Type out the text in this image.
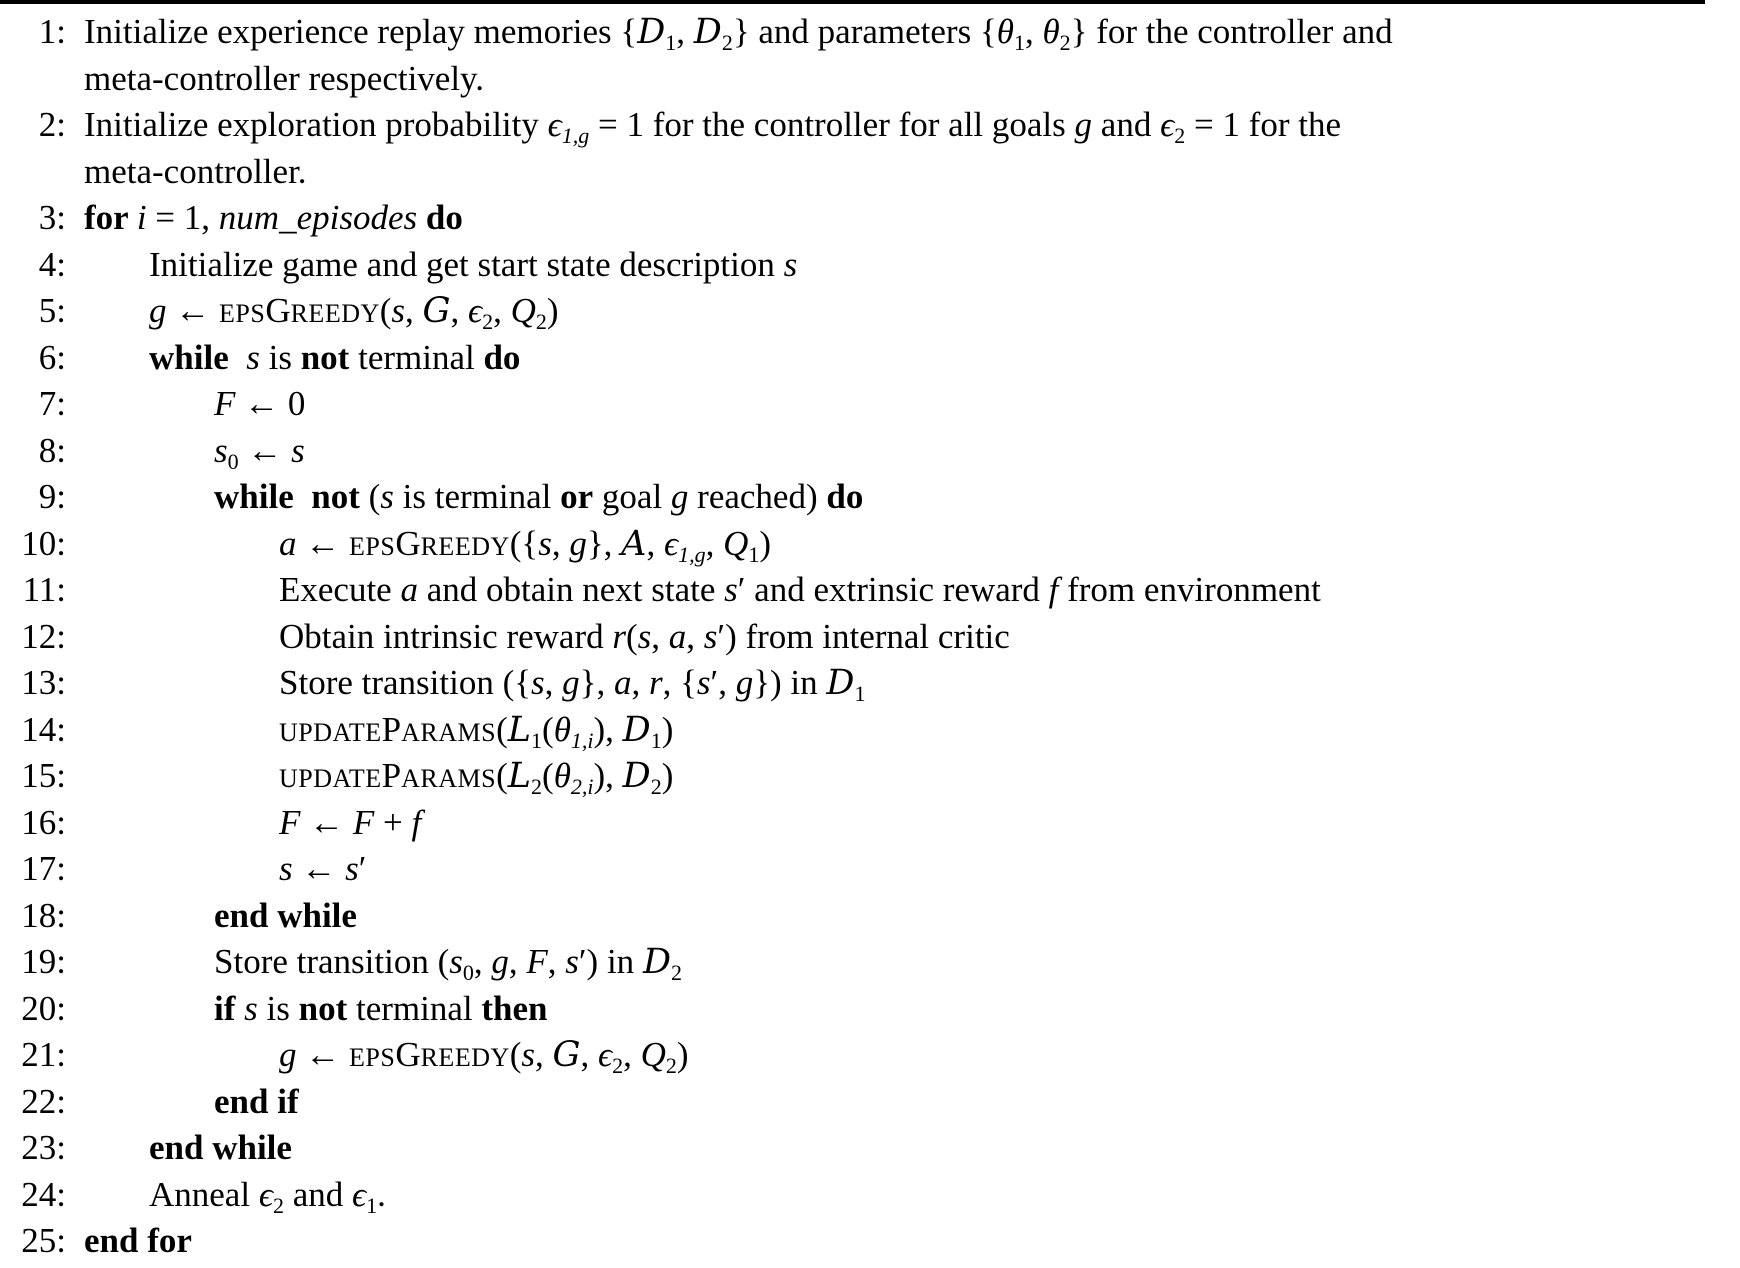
1: Initialize experience replay memories {$D_1$, $D_2$} and parameters {$\theta_1$, $\theta_2$} for the controller and
meta-controller respectively.
2: Initialize exploration probability $\epsilon_{1,g} = 1$ for the controller for all goals g and $\epsilon_2 = 1$ for the
meta-controller.
3: for i = 1, num_episodes do
4: Initialize game and get start state description s
5: g ← EPSGREEDY(s, G, $\epsilon_2$, $Q_2$)
6: while  s is not terminal do
7:	F ← 0
8:	$s_0$ ← s
9:	while  not (s is terminal or goal g reached) do
10:	a ← EPSGREEDY({s, g}, A, $\epsilon_{1,g}$, $Q_1$)
11:	Execute a and obtain next state s′ and extrinsic reward f from environment
12:	Obtain intrinsic reward r(s, a, s′) from internal critic
13:	Store transition ({s, g}, a, r, {s′, g}) in $D_1$
14:	$UPDATEPARAMS(L_1(\theta_{1,i})$, $D_1$)
15:	$UPDATEPARAMS(L_2(\theta_{2,i})$, $D_2$)
16:	F ← F + f
17:	s ← s′
18:	end while
19:	Store transition ($s_0$, g, F, s′) in $D_2$
20:	if s is not terminal then
21:	g ← EPSGREEDY(s, G, $\epsilon_2$, $Q_2$)
22:	end if
23: end while
24: Anneal $\epsilon_2$ and $\epsilon_1$.
25: end for
